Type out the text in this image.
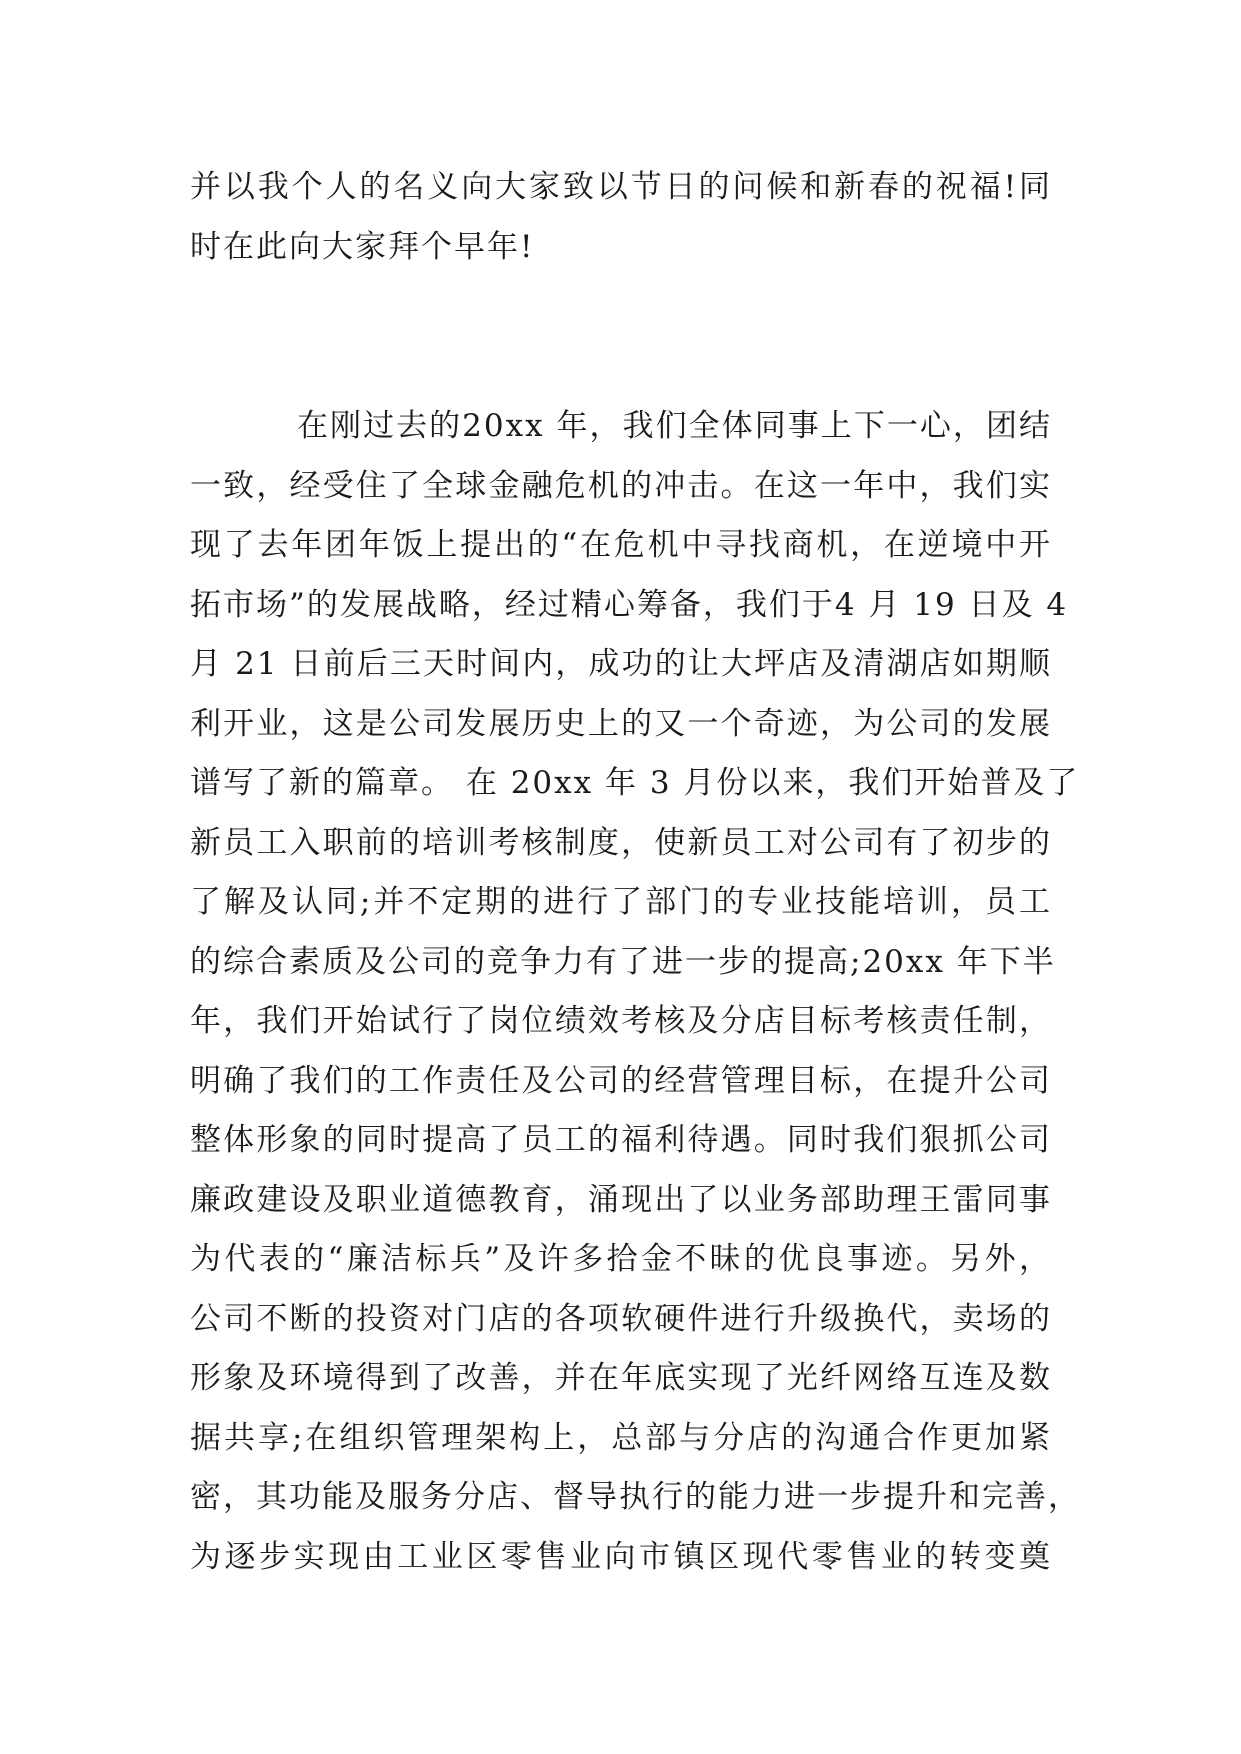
并以我个人的名义向大家致以节日的问候和新春的祝福!同
时在此向大家拜个早年!
在刚过去的20xx 年，我们全体同事上下一心，团结
一致，经受住了全球金融危机的冲击。在这一年中，我们实
现了去年团年饭上提出的“在危机中寻找商机，在逆境中开
拓市场”的发展战略，经过精心筹备，我们于4 月 19 日及 4
月 21 日前后三天时间内，成功的让大坪店及清湖店如期顺
利开业，这是公司发展历史上的又一个奇迹，为公司的发展
谱写了新的篇章。 在 20xx 年 3 月份以来，我们开始普及了
新员工入职前的培训考核制度，使新员工对公司有了初步的
了解及认同;并不定期的进行了部门的专业技能培训，员工
的综合素质及公司的竞争力有了进一步的提高;20xx 年下半
年，我们开始试行了岗位绩效考核及分店目标考核责任制，
明确了我们的工作责任及公司的经营管理目标，在提升公司
整体形象的同时提高了员工的福利待遇。同时我们狠抓公司
廉政建设及职业道德教育，涌现出了以业务部助理王雷同事
为代表的“廉洁标兵”及许多拾金不昧的优良事迹。另外，
公司不断的投资对门店的各项软硬件进行升级换代，卖场的
形象及环境得到了改善，并在年底实现了光纤网络互连及数
据共享;在组织管理架构上，总部与分店的沟通合作更加紧
密，其功能及服务分店、督导执行的能力进一步提升和完善，
为逐步实现由工业区零售业向市镇区现代零售业的转变奠
